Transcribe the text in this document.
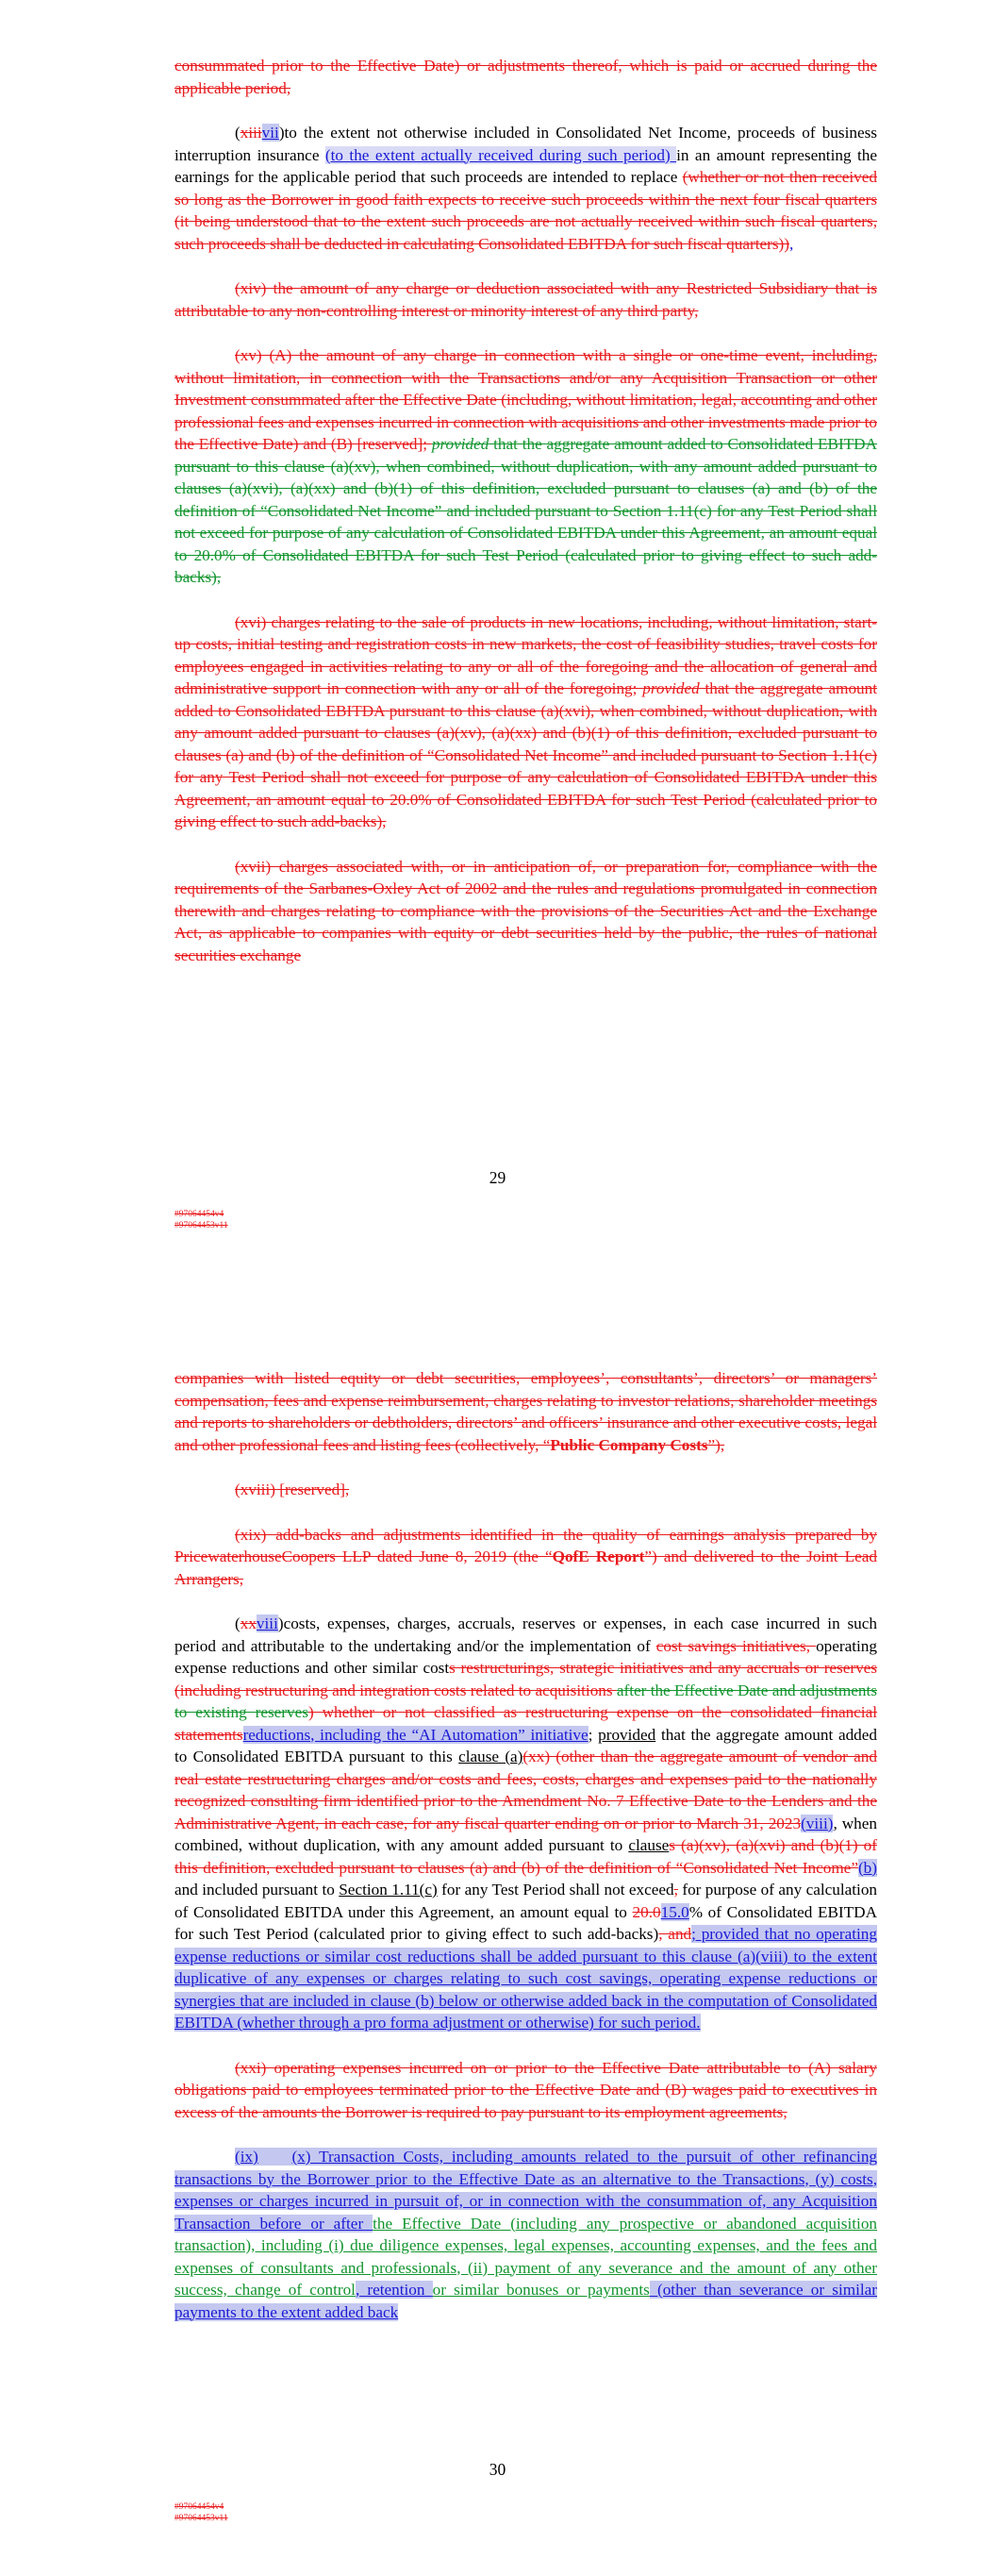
consummated prior to the Effective Date) or adjustments thereof, which is paid or accrued during the applicable period,

(xiiivii)to the extent not otherwise included in Consolidated Net Income, proceeds of business interruption insurance (to the extent actually received during such period) in an amount representing the earnings for the applicable period that such proceeds are intended to replace (whether or not then received so long as the Borrower in good faith expects to receive such proceeds within the next four fiscal quarters (it being understood that to the extent such proceeds are not actually received within such fiscal quarters, such proceeds shall be deducted in calculating Consolidated EBITDA for such fiscal quarters)),

(xiv) the amount of any charge or deduction associated with any Restricted Subsidiary that is attributable to any non-controlling interest or minority interest of any third party,

(xv) (A) the amount of any charge in connection with a single or one-time event, including, without limitation, in connection with the Transactions and/or any Acquisition Transaction or other Investment consummated after the Effective Date (including, without limitation, legal, accounting and other professional fees and expenses incurred in connection with acquisitions and other investments made prior to the Effective Date) and (B) [reserved]; provided that the aggregate amount added to Consolidated EBITDA pursuant to this clause (a)(xv), when combined, without duplication, with any amount added pursuant to clauses (a)(xvi), (a)(xx) and (b)(1) of this definition, excluded pursuant to clauses (a) and (b) of the definition of “Consolidated Net Income” and included pursuant to Section 1.11(c) for any Test Period shall not exceed for purpose of any calculation of Consolidated EBITDA under this Agreement, an amount equal to 20.0% of Consolidated EBITDA for such Test Period (calculated prior to giving effect to such add-backs),

(xvi) charges relating to the sale of products in new locations, including, without limitation, start-up costs, initial testing and registration costs in new markets, the cost of feasibility studies, travel costs for employees engaged in activities relating to any or all of the foregoing and the allocation of general and administrative support in connection with any or all of the foregoing; provided that the aggregate amount added to Consolidated EBITDA pursuant to this clause (a)(xvi), when combined, without duplication, with any amount added pursuant to clauses (a)(xv), (a)(xx) and (b)(1) of this definition, excluded pursuant to clauses (a) and (b) of the definition of “Consolidated Net Income” and included pursuant to Section 1.11(c) for any Test Period shall not exceed for purpose of any calculation of Consolidated EBITDA under this Agreement, an amount equal to 20.0% of Consolidated EBITDA for such Test Period (calculated prior to giving effect to such add-backs),

(xvii) charges associated with, or in anticipation of, or preparation for, compliance with the requirements of the Sarbanes-Oxley Act of 2002 and the rules and regulations promulgated in connection therewith and charges relating to compliance with the provisions of the Securities Act and the Exchange Act, as applicable to companies with equity or debt securities held by the public, the rules of national securities exchange

29
#97064454v4
#97064453v11

companies with listed equity or debt securities, employees’, consultants’, directors’ or managers’ compensation, fees and expense reimbursement, charges relating to investor relations, shareholder meetings and reports to shareholders or debtholders, directors’ and officers’ insurance and other executive costs, legal and other professional fees and listing fees (collectively, “Public Company Costs”),

(xviii) [reserved],

(xix) add-backs and adjustments identified in the quality of earnings analysis prepared by PricewaterhouseCoopers LLP dated June 8, 2019 (the “QofE Report”) and delivered to the Joint Lead Arrangers,

(xxviii)costs, expenses, charges, accruals, reserves or expenses, in each case incurred in such period and attributable to the undertaking and/or the implementation of cost savings initiatives, operating expense reductions and other similar costs restructurings, strategic initiatives and any accruals or reserves (including restructuring and integration costs related to acquisitions after the Effective Date and adjustments to existing reserves) whether or not classified as restructuring expense on the consolidated financial statementsreductions, including the “AI Automation” initiative; provided that the aggregate amount added to Consolidated EBITDA pursuant to this clause (a)(xx) (other than the aggregate amount of vendor and real estate restructuring charges and/or costs and fees, costs, charges and expenses paid to the nationally recognized consulting firm identified prior to the Amendment No. 7 Effective Date to the Lenders and the Administrative Agent, in each case, for any fiscal quarter ending on or prior to March 31, 2023(viii), when combined, without duplication, with any amount added pursuant to clauses (a)(xv), (a)(xvi) and (b)(1) of this definition, excluded pursuant to clauses (a) and (b) of the definition of “Consolidated Net Income”(b) and included pursuant to Section 1.11(c) for any Test Period shall not exceed, for purpose of any calculation of Consolidated EBITDA under this Agreement, an amount equal to 20.015.0% of Consolidated EBITDA for such Test Period (calculated prior to giving effect to such add-backs), and; provided that no operating expense reductions or similar cost reductions shall be added pursuant to this clause (a)(viii) to the extent duplicative of any expenses or charges relating to such cost savings, operating expense reductions or synergies that are included in clause (b) below or otherwise added back in the computation of Consolidated EBITDA (whether through a pro forma adjustment or otherwise) for such period.

(xxi) operating expenses incurred on or prior to the Effective Date attributable to (A) salary obligations paid to employees terminated prior to the Effective Date and (B) wages paid to executives in excess of the amounts the Borrower is required to pay pursuant to its employment agreements,

(ix) (x) Transaction Costs, including amounts related to the pursuit of other refinancing transactions by the Borrower prior to the Effective Date as an alternative to the Transactions, (y) costs, expenses or charges incurred in pursuit of, or in connection with the consummation of, any Acquisition Transaction before or after the Effective Date (including any prospective or abandoned acquisition transaction), including (i) due diligence expenses, legal expenses, accounting expenses, and the fees and expenses of consultants and professionals, (ii) payment of any severance and the amount of any other success, change of control, retention or similar bonuses or payments (other than severance or similar payments to the extent added back

30
#97064454v4
#97064453v11
